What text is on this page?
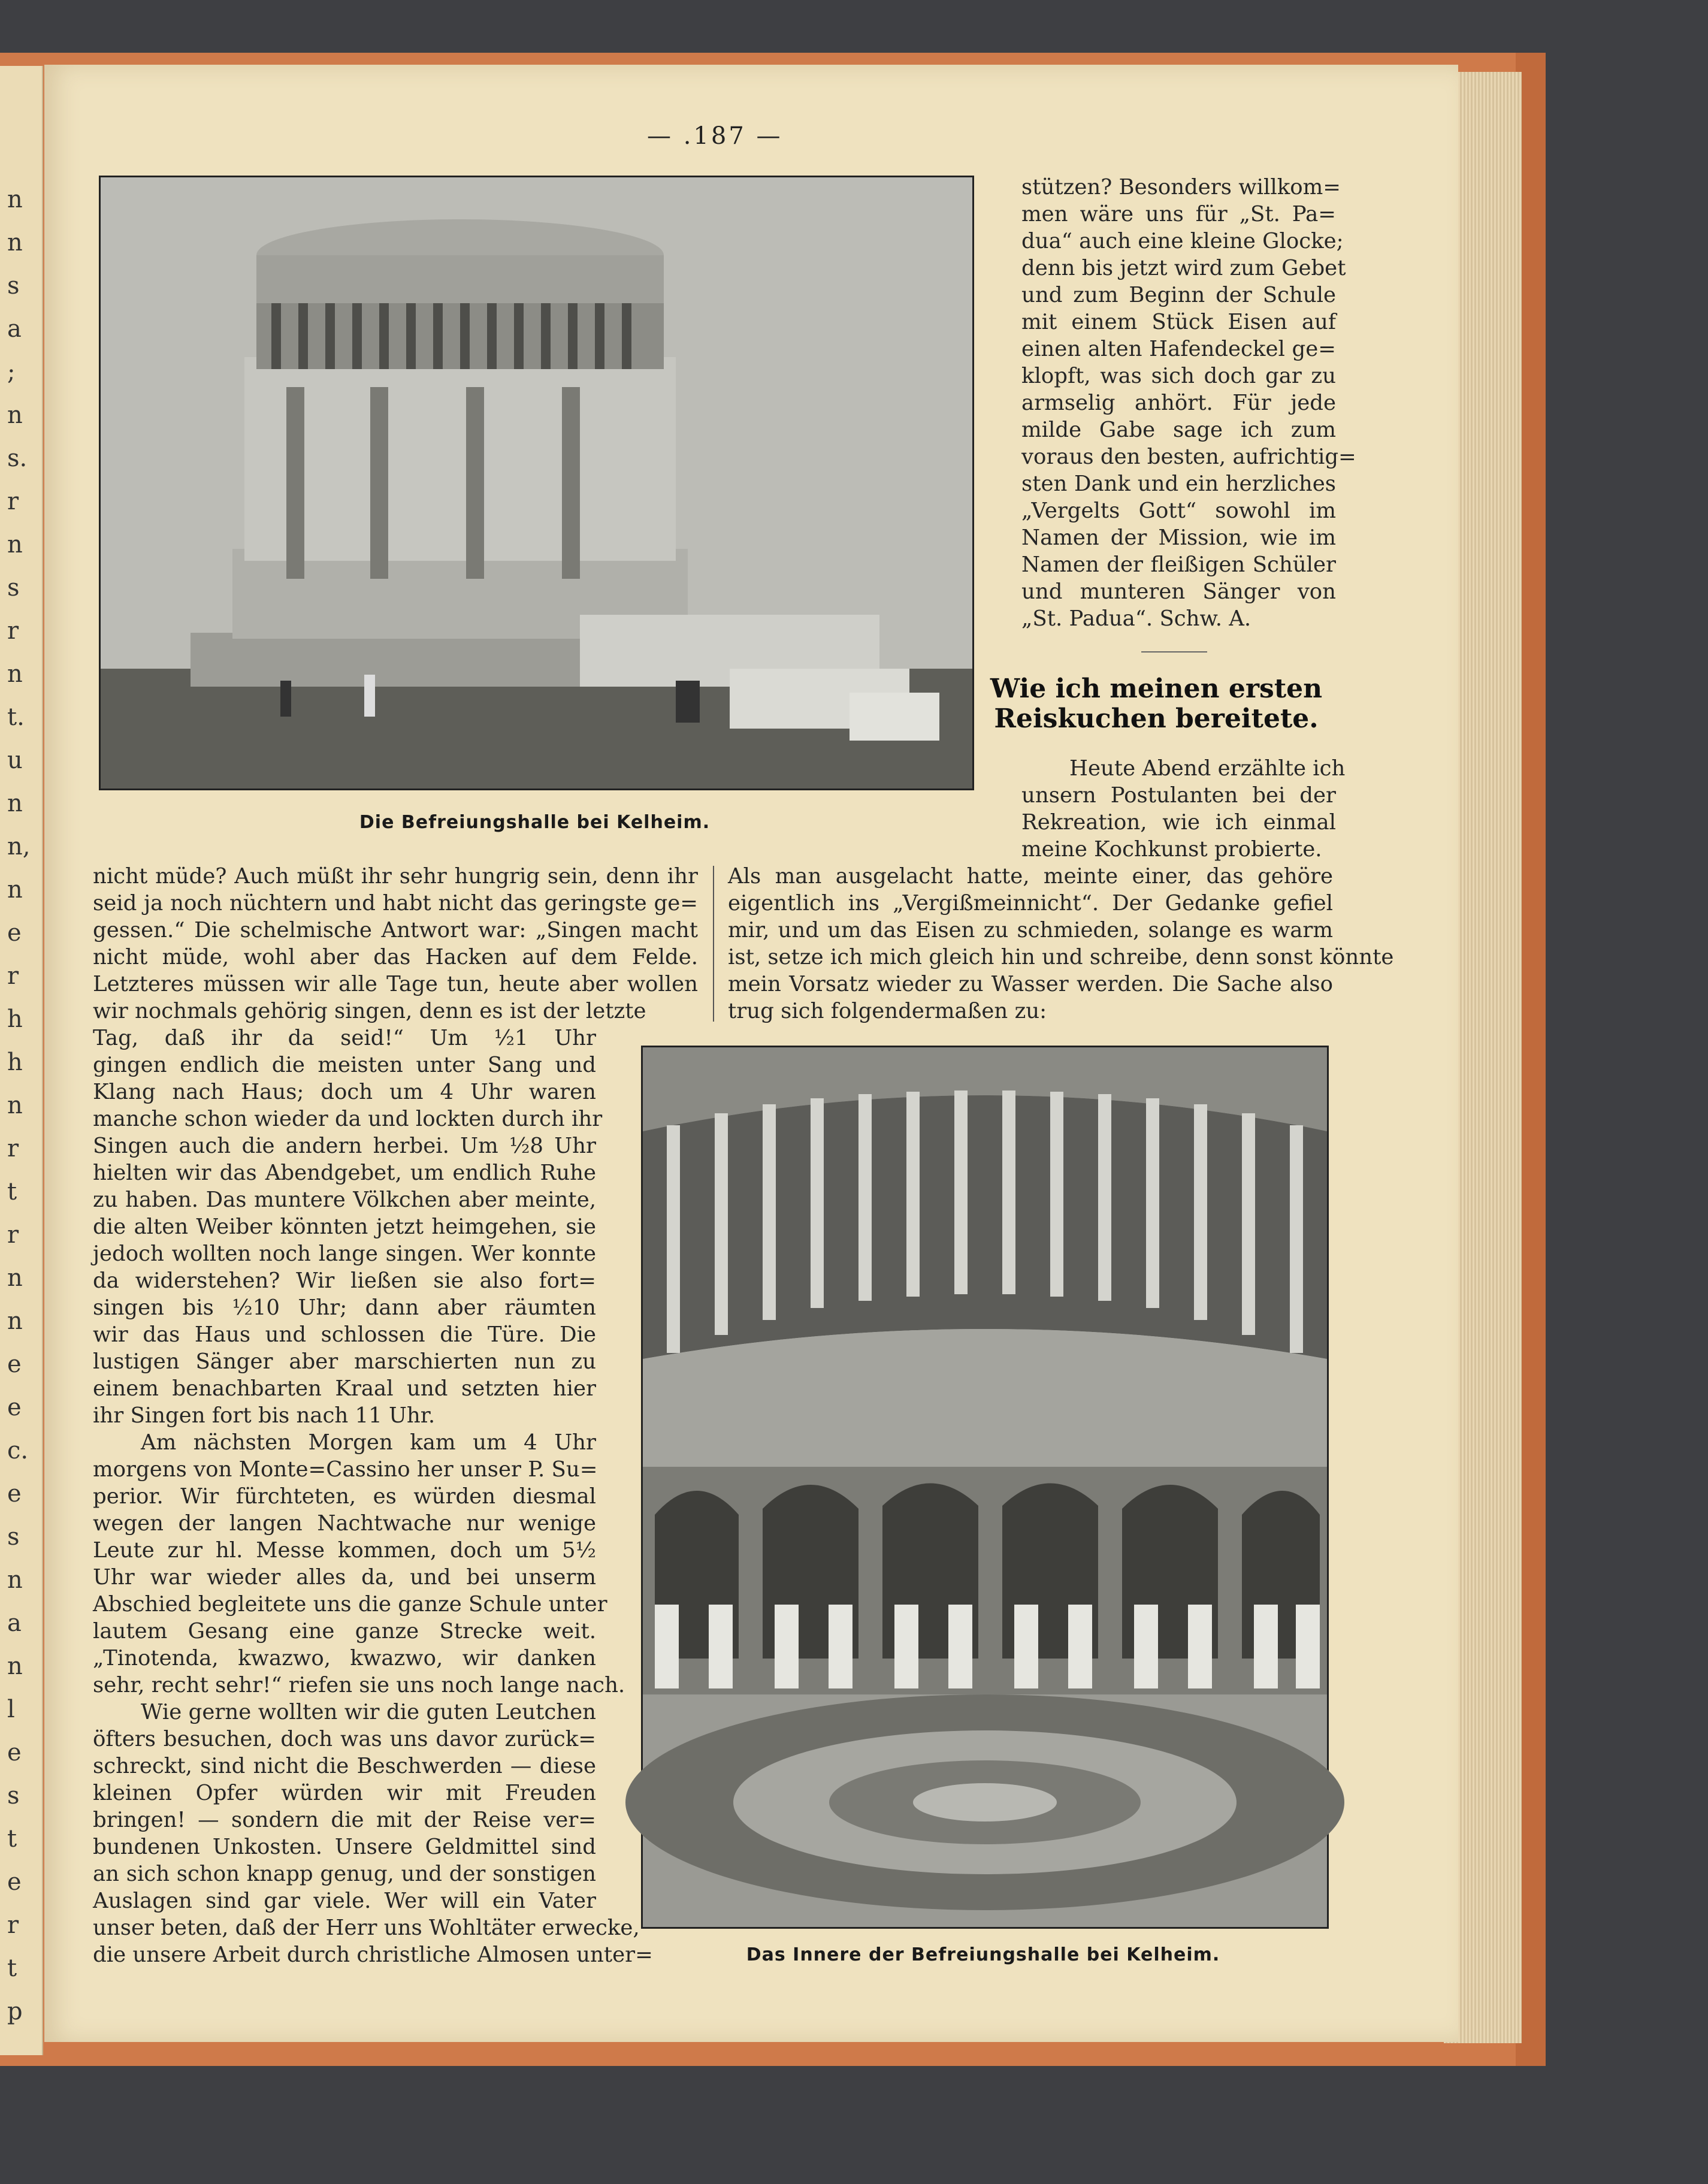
n
n
s
a
;
n
s.
r
n
s
r
n
t.
u
n
n,
n
e
r
h
h
n
r
t
r
n
n
e
e
c.
e
s
n
a
n
l
e
s
t
e
r
t
p
— .187 —
Die Befreiungshalle bei Kelheim.
Das Innere der Befreiungshalle bei Kelheim.
stützen? Besonders willkom=
men wäre uns für „St. Pa=
dua“ auch eine kleine Glocke;
denn bis jetzt wird zum Gebet
und zum Beginn der Schule
mit einem Stück Eisen auf
einen alten Hafendeckel ge=
klopft, was sich doch gar zu
armselig anhört. Für jede
milde Gabe sage ich zum
voraus den besten, aufrichtig=
sten Dank und ein herzliches
„Vergelts Gott“ sowohl im
Namen der Mission, wie im
Namen der fleißigen Schüler
und munteren Sänger von
„St. Padua“. Schw. A.
Wie ich meinen ersten
Reiskuchen bereitete.
Heute Abend erzählte ich
unsern Postulanten bei der
Rekreation, wie ich einmal
meine Kochkunst probierte.
Als man ausgelacht hatte, meinte einer, das gehöre
eigentlich ins „Vergißmeinnicht“. Der Gedanke gefiel
mir, und um das Eisen zu schmieden, solange es warm
ist, setze ich mich gleich hin und schreibe, denn sonst könnte
mein Vorsatz wieder zu Wasser werden. Die Sache also
trug sich folgendermaßen zu:
nicht müde? Auch müßt ihr sehr hungrig sein, denn ihr
seid ja noch nüchtern und habt nicht das geringste ge=
gessen.“ Die schelmische Antwort war: „Singen macht
nicht müde, wohl aber das Hacken auf dem Felde.
Letzteres müssen wir alle Tage tun, heute aber wollen
wir nochmals gehörig singen, denn es ist der letzte
Tag, daß ihr da seid!“ Um ½1 Uhr
gingen endlich die meisten unter Sang und
Klang nach Haus; doch um 4 Uhr waren
manche schon wieder da und lockten durch ihr
Singen auch die andern herbei. Um ½8 Uhr
hielten wir das Abendgebet, um endlich Ruhe
zu haben. Das muntere Völkchen aber meinte,
die alten Weiber könnten jetzt heimgehen, sie
jedoch wollten noch lange singen. Wer konnte
da widerstehen? Wir ließen sie also fort=
singen bis ½10 Uhr; dann aber räumten
wir das Haus und schlossen die Türe. Die
lustigen Sänger aber marschierten nun zu
einem benachbarten Kraal und setzten hier
ihr Singen fort bis nach 11 Uhr.
Am nächsten Morgen kam um 4 Uhr
morgens von Monte=Cassino her unser P. Su=
perior. Wir fürchteten, es würden diesmal
wegen der langen Nachtwache nur wenige
Leute zur hl. Messe kommen, doch um 5½
Uhr war wieder alles da, und bei unserm
Abschied begleitete uns die ganze Schule unter
lautem Gesang eine ganze Strecke weit.
„Tinotenda, kwazwo, kwazwo, wir danken
sehr, recht sehr!“ riefen sie uns noch lange nach.
Wie gerne wollten wir die guten Leutchen
öfters besuchen, doch was uns davor zurück=
schreckt, sind nicht die Beschwerden — diese
kleinen Opfer würden wir mit Freuden
bringen! — sondern die mit der Reise ver=
bundenen Unkosten. Unsere Geldmittel sind
an sich schon knapp genug, und der sonstigen
Auslagen sind gar viele. Wer will ein Vater
unser beten, daß der Herr uns Wohltäter erwecke,
die unsere Arbeit durch christliche Almosen unter=
